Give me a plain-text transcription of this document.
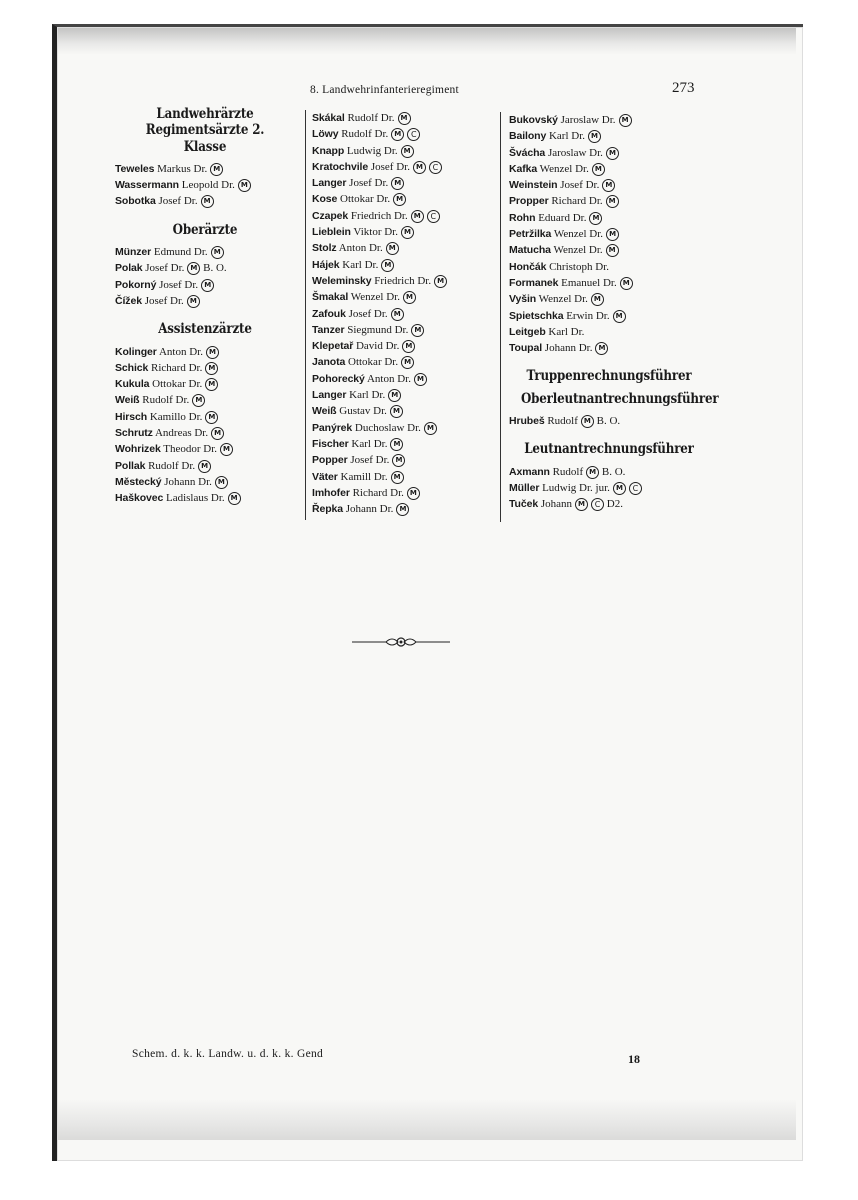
8. Landwehrinfanterieregiment	273
Landwehrärzte
Regimentsärzte 2. Klasse
Teweles Markus Dr. M
Wassermann Leopold Dr. M
Sobotka Josef Dr. M
Oberärzte
Münzer Edmund Dr. M
Polak Josef Dr. M B. O.
Pokorný Josef Dr. M
Čížek Josef Dr. M
Assistenzärzte
Kolinger Anton Dr. M
Schick Richard Dr. M
Kukula Ottokar Dr. M
Weiß Rudolf Dr. M
Hirsch Kamillo Dr. M
Schrutz Andreas Dr. M
Wohrizek Theodor Dr. M
Pollak Rudolf Dr. M
Městecký Johann Dr. M
Haškovec Ladislaus Dr. M
Skákal Rudolf Dr. M
Löwy Rudolf Dr. M C
Knapp Ludwig Dr. M
Kratochvile Josef Dr. M C
Langer Josef Dr. M
Kose Ottokar Dr. M
Czapek Friedrich Dr. M C
Lieblein Viktor Dr. M
Stolz Anton Dr. M
Hájek Karl Dr. M
Weleminsky Friedrich Dr. M
Šmakal Wenzel Dr. M
Zafouk Josef Dr. M
Tanzer Siegmund Dr. M
Klepetař David Dr. M
Janota Ottokar Dr. M
Pohorecký Anton Dr. M
Langer Karl Dr. M
Weiß Gustav Dr. M
Panýrek Duchoslaw Dr. M
Fischer Karl Dr. M
Popper Josef Dr. M
Väter Kamill Dr. M
Imhofer Richard Dr. M
Řepka Johann Dr. M
Bukovský Jaroslaw Dr. M
Bailony Karl Dr. M
Švácha Jaroslaw Dr. M
Kafka Wenzel Dr. M
Weinstein Josef Dr. M
Propper Richard Dr. M
Rohn Eduard Dr. M
Petržilka Wenzel Dr. M
Matucha Wenzel Dr. M
Hončák Christoph Dr.
Formanek Emanuel Dr. M
Vyšin Wenzel Dr. M
Spietschka Erwin Dr. M
Leitgeb Karl Dr.
Toupal Johann Dr. M
Truppenrechnungsführer
Oberleutnantrechnungsführer
Hrubeš Rudolf M B. O.
Leutnantrechnungsführer
Axmann Rudolf M B. O.
Müller Ludwig Dr. jur. M C
Tuček Johann M C D2.
Schem. d. k. k. Landw. u. d. k. k. Gend	18
